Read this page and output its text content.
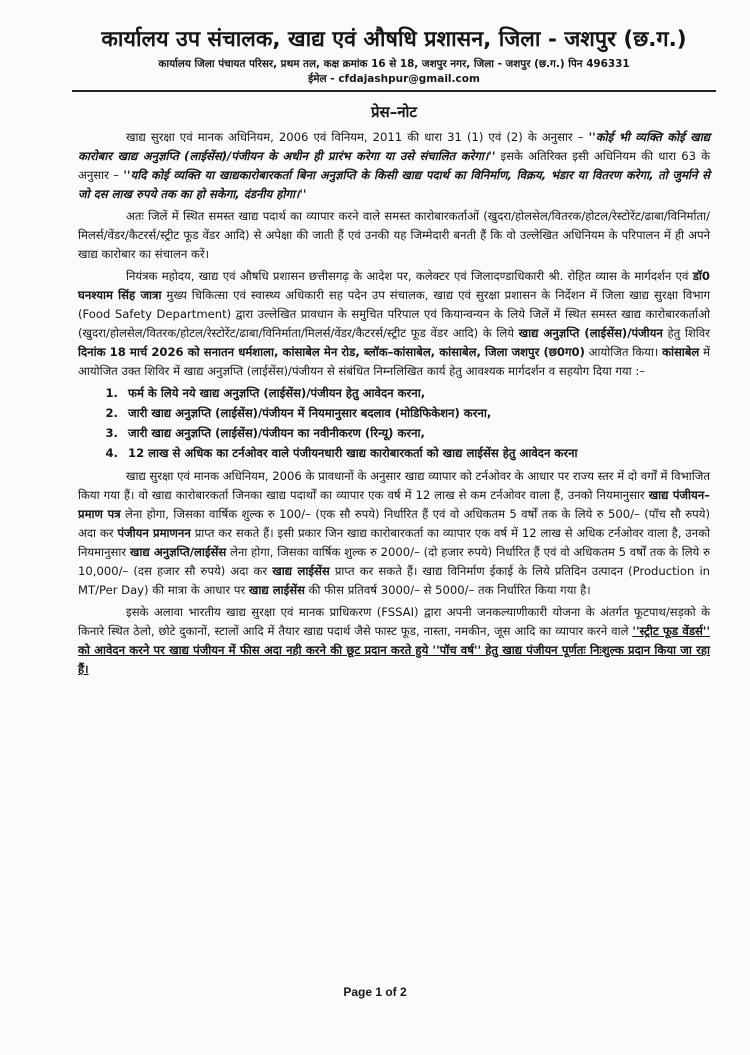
कार्यालय उप संचालक, खाद्य एवं औषधि प्रशासन, जिला - जशपुर (छ.ग.)
कार्यालय जिला पंचायत परिसर, प्रथम तल, कक्ष क्रमांक 16 से 18, जशपुर नगर, जिला - जशपुर (छ.ग.) पिन 496331
ईमेल - cfdajashpur@gmail.com
प्रेस–नोट

खाद्य सुरक्षा एवं मानक अधिनियम, 2006 एवं विनियम, 2011 की धारा 31 (1) एवं (2) के अनुसार – ''कोई भी व्यक्ति कोई खाद्य कारोबार खाद्य अनुज्ञप्ति (लाईसेंस)/पंजीयन के अधीन ही प्रारंभ करेगा या उसे संचालित करेगा।'' इसके अतिरिक्त इसी अधिनियम की धारा 63 के अनुसार – ''यदि कोई व्यक्ति या खाद्यकारोबारकर्ता बिना अनुज्ञप्ति के किसी खाद्य पदार्थ का विनिर्माण, विक्रय, भंडार या वितरण करेगा, तो जुर्माने से जो दस लाख रुपये तक का हो सकेगा, दंडनीय होगा।''

अतः जिलें में स्थित समस्त खाद्य पदार्थ का व्यापार करने वाले समस्त कारोबारकर्ताओं (खुदरा/होलसेल/वितरक/होटल/रेस्टोरेंट/ढाबा/विनिर्माता/मिलर्स/वेंडर/कैटरर्स/स्ट्रीट फूड वेंडर आदि) से अपेक्षा की जाती हैं एवं उनकी यह जिम्मेदारी बनती हैं कि वो उल्लेखित अधिनियम के परिपालन में ही अपने खाद्य कारोबार का संचालन करें।

नियंत्रक महोदय, खाद्य एवं औषधि प्रशासन छत्तीसगढ़ के आदेश पर, कलेक्टर एवं जिलादण्डाधिकारी श्री. रोहित व्यास के मार्गदर्शन एवं डॉ0 घनश्याम सिंह जात्रा मुख्य चिकित्सा एवं स्वास्थ्य अधिकारी सह पदेन उप संचालक, खाद्य एवं सुरक्षा प्रशासन के निर्देशन में जिला खाद्य सुरक्षा विभाग (Food Safety Department) द्वारा उल्लेखित प्रावधान के समुचित परिपाल एवं कियान्वन्यन के लिये जिलें में स्थित समस्त खाद्य कारोबारकर्ताओ (खुदरा/होलसेल/वितरक/होटल/रेस्टोरेंट/ढाबा/विनिर्माता/मिलर्स/वेंडर/कैटरर्स/स्ट्रीट फूड वेंडर आदि) के लिये खाद्य अनुज्ञप्ति (लाईसेंस)/पंजीयन हेतु शिविर दिनांक 18 मार्च 2026 को सनातन धर्मशाला, कांसाबेल मेन रोड, ब्लॉक–कांसाबेल, कांसाबेल, जिला जशपुर (छ0ग0) आयोजित किया। कांसाबेल में आयोजित उक्त शिविर में खाद्य अनुज्ञप्ति (लाईसेंस)/पंजीयन से संबंधित निम्नलिखित कार्य हेतु आवश्यक मार्गदर्शन व सहयोग दिया गया :–

1. फर्म के लिये नये खाद्य अनुज्ञप्ति (लाईसेंस)/पंजीयन हेतु आवेदन करना,
2. जारी खाद्य अनुज्ञप्ति (लाईसेंस)/पंजीयन में नियमानुसार बदलाव (मोडिफिकेशन) करना,
3. जारी खाद्य अनुज्ञप्ति (लाईसेंस)/पंजीयन का नवीनीकरण (रिन्यू) करना,
4. 12 लाख से अधिक का टर्नओवर वाले पंजीयनधारी खाद्य कारोबारकर्ता को खाद्य लाईसेंस हेतु आवेदन करना

खाद्य सुरक्षा एवं मानक अधिनियम, 2006 के प्रावधानों के अनुसार खाद्य व्यापार को टर्नओवर के आधार पर राज्य स्तर में दो वर्गों में विभाजित किया गया हैं। वो खाद्य कारोबारकर्ता जिनका खाद्य पदार्थों का व्यापार एक वर्ष में 12 लाख से कम टर्नओवर वाला हैं, उनको नियमानुसार खाद्य पंजीयन–प्रमाण पत्र लेना होगा, जिसका वार्षिक शुल्क रु 100/– (एक सौ रुपये) निर्धारित हैं एवं वो अधिकतम 5 वर्षों तक के लिये रु 500/– (पॉच सौ रुपये) अदा कर पंजीयन प्रमाणनन प्राप्त कर सकते हैं। इसी प्रकार जिन खाद्य कारोबारकर्ता का व्यापार एक वर्ष में 12 लाख से अधिक टर्नओवर वाला है, उनको नियमानुसार खाद्य अनुज्ञप्ति/लाईसेंस लेना होगा, जिसका वार्षिक शुल्क रु 2000/– (दो हजार रुपये) निर्धारित हैं एवं वो अधिकतम 5 वर्षों तक के लिये रु 10,000/– (दस हजार सौ रुपये) अदा कर खाद्य लाईसेंस प्राप्त कर सकते हैं। खाद्य विनिर्माण ईकाई के लिये प्रतिदिन उत्पादन (Production in MT/Per Day) की मात्रा के आधार पर खाद्य लाईसेंस की फीस प्रतिवर्ष 3000/– से 5000/– तक निर्धारित किया गया है।

इसके अलावा भारतीय खाद्य सुरक्षा एवं मानक प्राधिकरण (FSSAI) द्वारा अपनी जनकल्याणीकारी योजना के अंतर्गत फूटपाथ/सड़को के किनारे स्थित ठेलो, छोटे दुकानों, स्टालों आदि में तैयार खाद्य पदार्थ जैसे फास्ट फूड, नास्ता, नमकीन, जूस आदि का व्यापार करने वाले ''स्ट्रीट फूड वेंडर्स'' को आवेदन करने पर खाद्य पंजीयन में फीस अदा नही करने की छूट प्रदान करते हुये ''पॉच वर्ष'' हेतु खाद्य पंजीयन पूर्णतः निःशुल्क प्रदान किया जा रहा हैं।

Page 1 of 2
